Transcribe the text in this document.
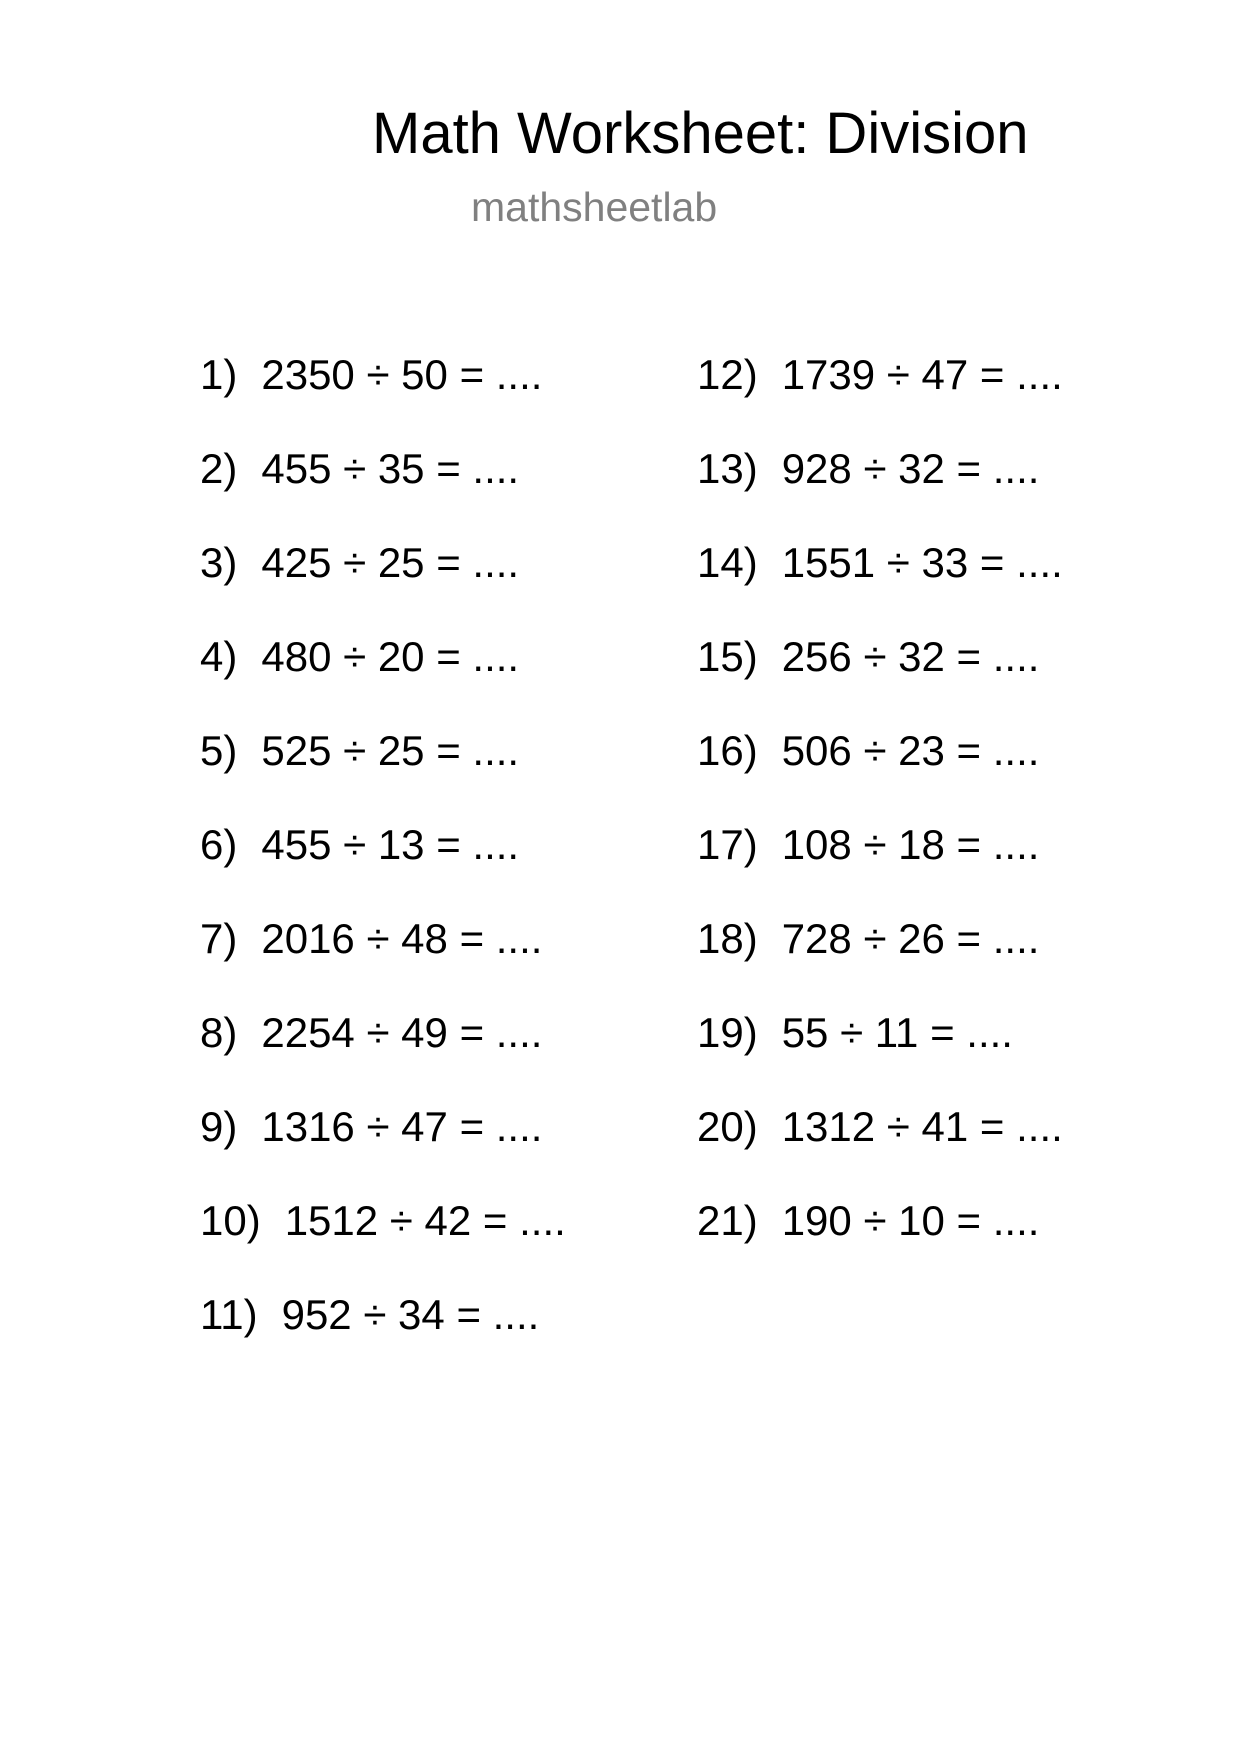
Math Worksheet: Division
mathsheetlab
1) 2350 ÷ 50 = ....
2) 455 ÷ 35 = ....
3) 425 ÷ 25 = ....
4) 480 ÷ 20 = ....
5) 525 ÷ 25 = ....
6) 455 ÷ 13 = ....
7) 2016 ÷ 48 = ....
8) 2254 ÷ 49 = ....
9) 1316 ÷ 47 = ....
10) 1512 ÷ 42 = ....
11) 952 ÷ 34 = ....
12) 1739 ÷ 47 = ....
13) 928 ÷ 32 = ....
14) 1551 ÷ 33 = ....
15) 256 ÷ 32 = ....
16) 506 ÷ 23 = ....
17) 108 ÷ 18 = ....
18) 728 ÷ 26 = ....
19) 55 ÷ 11 = ....
20) 1312 ÷ 41 = ....
21) 190 ÷ 10 = ....
